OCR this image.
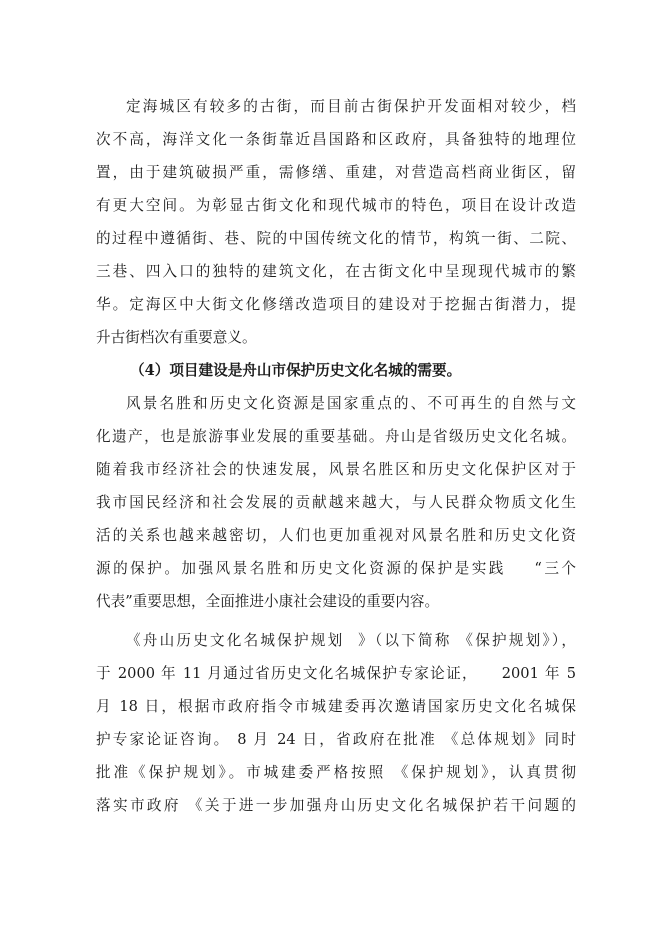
定海城区有较多的古街，而目前古街保护开发面相对较少，档
次不高，海洋文化一条街靠近昌国路和区政府，具备独特的地理位
置，由于建筑破损严重，需修缮、重建，对营造高档商业街区，留
有更大空间。为彰显古街文化和现代城市的特色，项目在设计改造
的过程中遵循街、巷、院的中国传统文化的情节，构筑一街、二院、
三巷、四入口的独特的建筑文化，在古街文化中呈现现代城市的繁
华。定海区中大街文化修缮改造项目的建设对于挖掘古街潜力，提
升古街档次有重要意义。
（4）项目建设是舟山市保护历史文化名城的需要。
风景名胜和历史文化资源是国家重点的、不可再生的自然与文
化遗产，也是旅游事业发展的重要基础。舟山是省级历史文化名城。
随着我市经济社会的快速发展，风景名胜区和历史文化保护区对于
我市国民经济和社会发展的贡献越来越大，与人民群众物质文化生
活的关系也越来越密切，人们也更加重视对风景名胜和历史文化资
源的保护。加强风景名胜和历史文化资源的保护是实践    “三个
代表”重要思想，全面推进小康社会建设的重要内容。
《舟山历史文化名城保护规划  》（以下简称 《保护规划》），
于 2000 年 11 月通过省历史文化名城保护专家论证，    2001 年 5
月 18 日，根据市政府指令市城建委再次邀请国家历史文化名城保
护专家论证咨询。 8 月 24 日，省政府在批准 《总体规划》同时
批准《保护规划》。市城建委严格按照 《保护规划》，认真贯彻
落实市政府 《关于进一步加强舟山历史文化名城保护若干问题的
